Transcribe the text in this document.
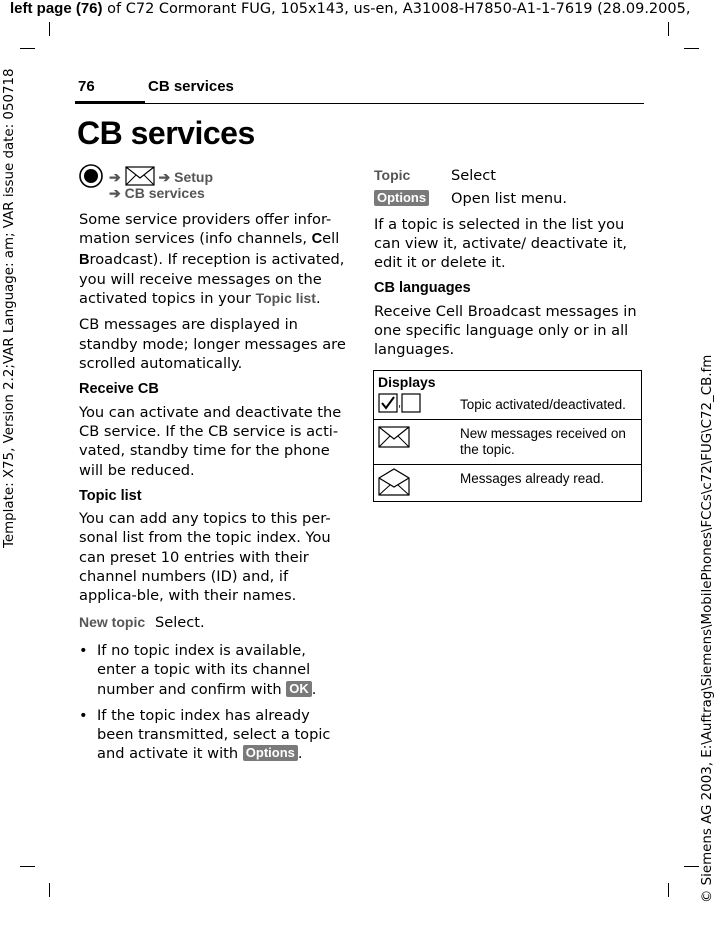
left page (76) of C72 Cormorant FUG, 105x143, us-en, A31008-H7850-A1-1-7619 (28.09.2005,
Template: X75, Version 2.2;VAR Language: am; VAR issue date: 050718
© Siemens AG 2003, E:\Auftrag\Siemens\MobilePhones\FCCs\c72\FUG\C72_CB.fm
76	CB services
CB services
➔	➔ Setup
➔ CB services

Some service providers offer infor-mation services (info channels, Cell Broadcast). If reception is activated, you will receive messages on the activated topics in your Topic list.

CB messages are displayed in standby mode; longer messages are scrolled automatically.

Receive CB

You can activate and deactivate the CB service. If the CB service is acti-vated, standby time for the phone will be reduced.

Topic list

You can add any topics to this per-sonal list from the topic index. You can preset 10 entries with their channel numbers (ID) and, if applica-ble, with their names.

New topic Select.

• If no topic index is available, enter a topic with its channel number and confirm with OK .

• If the topic index has already been transmitted, select a topic and activate it with Options .

Topic	Select
Options	Open list menu.

If a topic is selected in the list you can view it, activate/ deactivate it, edit it or delete it.

CB languages

Receive Cell Broadcast messages in one specific language only or in all languages.

Displays	
,	Topic activated/deactivated.
	New messages received on the topic.
	Messages already read.
